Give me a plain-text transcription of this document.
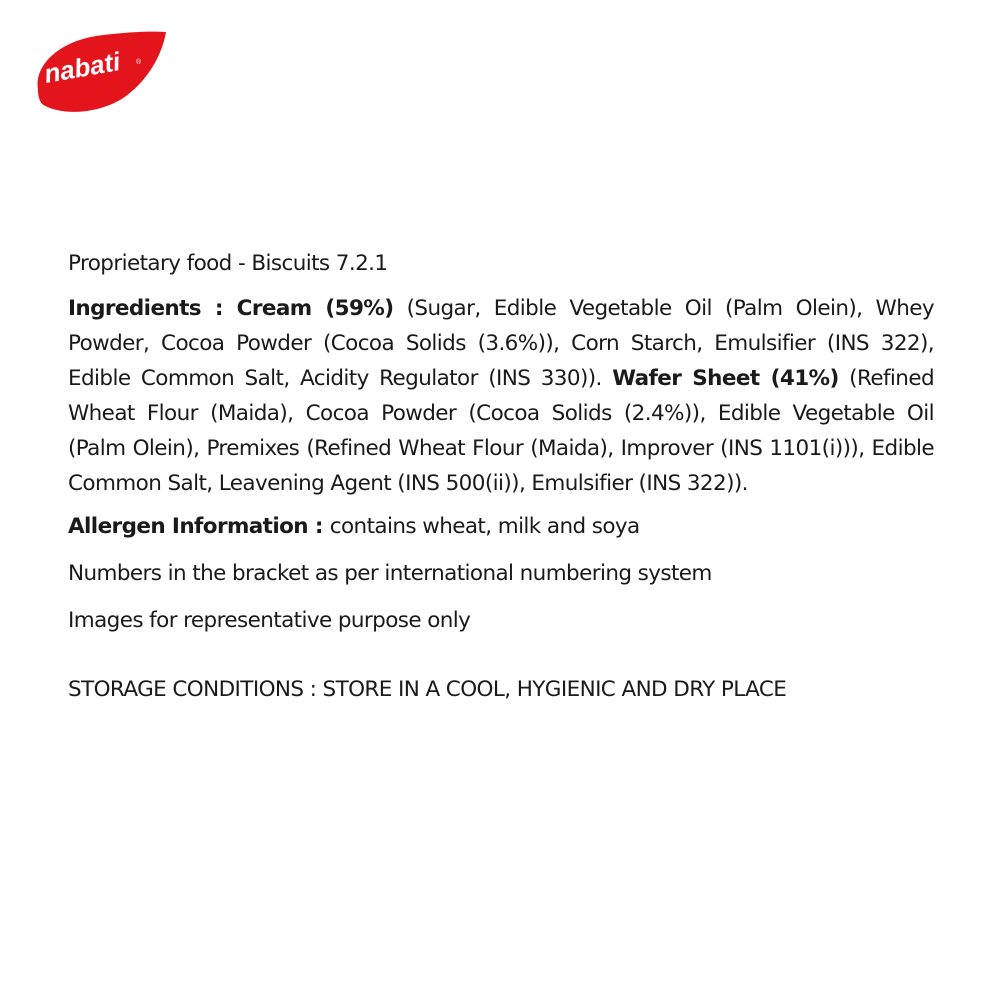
nabati ®

Proprietary food - Biscuits 7.2.1

Ingredients : Cream (59%) (Sugar, Edible Vegetable Oil (Palm Olein), Whey Powder, Cocoa Powder (Cocoa Solids (3.6%)), Corn Starch, Emulsifier (INS 322), Edible Common Salt, Acidity Regulator (INS 330)). Wafer Sheet (41%) (Refined Wheat Flour (Maida), Cocoa Powder (Cocoa Solids (2.4%)), Edible Vegetable Oil (Palm Olein), Premixes (Refined Wheat Flour (Maida), Improver (INS 1101(i))), Edible Common Salt, Leavening Agent (INS 500(ii)), Emulsifier (INS 322)).

Allergen Information : contains wheat, milk and soya

Numbers in the bracket as per international numbering system

Images for representative purpose only

STORAGE CONDITIONS : STORE IN A COOL, HYGIENIC AND DRY PLACE
